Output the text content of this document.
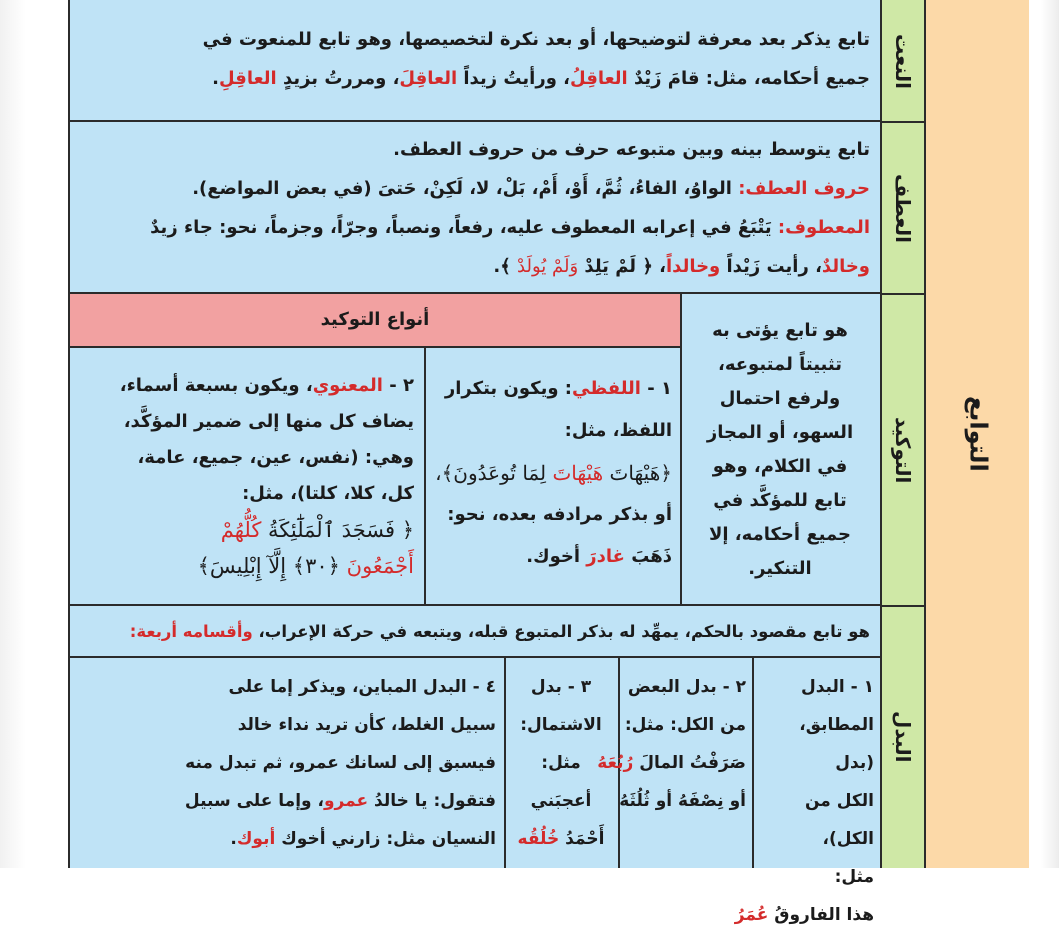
التوابع
تابع يذكر بعد معرفة لتوضيحها، أو بعد نكرة لتخصيصها، وهو تابع للمنعوت في
جميع أحكامه، مثل: قامَ زَيْدٌ العاقِلُ، ورأيتُ زيداً العاقِلَ، ومررتُ بزيدٍ العاقِلِ.	النعت
تابع يتوسط بينه وبين متبوعه حرف من حروف العطف.
حروف العطف: الواوُ، الفاءُ، ثُمَّ، أَوْ، أَمْ، بَلْ، لا، لَكِنْ، حَتىَ (في بعض المواضع).
المعطوف: يَتْبَعُ في إعرابه المعطوف عليه، رفعاً، ونصباً، وجرّاً، وجزماً، نحو: جاء زيدٌ
وخالدٌ، رأيت زَيْداً وخالداً، ﴿ لَمْ يَلِدْ وَلَمْ يُولَدْ ﴾.
العطف
هو تابع يؤتى به
تثبيتاً لمتبوعه،
ولرفع احتمال
السهو، أو المجاز
في الكلام، وهو
تابع للمؤكَّد في
جميع أحكامه، إلا
التنكير.
أنواع التوكيد
١ - اللفظي: ويكون بتكرار
اللفظ، مثل:
﴿هَيْهَاتَ هَيْهَاتَ لِمَا تُوعَدُونَ﴾،
أو بذكر مرادفه بعده، نحو:
ذَهَبَ غادرَ أخوك.
٢ - المعنوي، ويكون بسبعة أسماء،
يضاف كل منها إلى ضمير المؤكَّد،
وهي: (نفس، عين، جميع، عامة،
كل، كلا، كلتا)، مثل:
﴿ فَسَجَدَ ٱلْمَلَٰٓئِكَةُ كُلُّهُمْ
أَجْمَعُونَ ﴿٣٠﴾ إِلَّآ إِبْلِيسَ﴾
التوكيد
هو تابع مقصود بالحكم، يمهِّد له بذكر المتبوع قبله، ويتبعه في حركة الإعراب، وأقسامه أربعة:
١ - البدل
المطابق، (بدل
الكل من الكل)،
مثل:
هذا الفاروقُ عُمَرُ
٢ - بدل البعض
من الكل: مثل:
صَرَفْتُ المالَ رُبُعَهُ
أو نِصْفَهُ أو ثُلُثَهُ
٣ - بدل
الاشتمال:
مثل:
أعجبَني
أَحْمَدُ خُلُقُه
٤ - البدل المباين، ويذكر إما على
سبيل الغلط، كأن تريد نداء خالد
فيسبق إلى لسانك عمرو، ثم تبدل منه
فتقول: يا خالدُ عمرو، وإما على سبيل
النسيان مثل: زارني أخوك أبوك.
البدل
